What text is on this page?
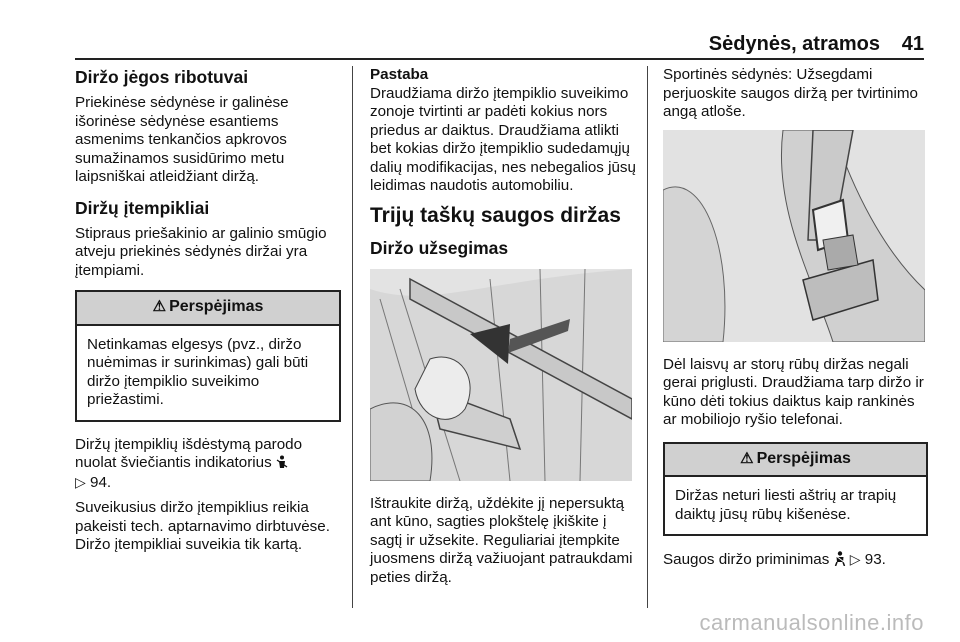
Sėdynės, atramos 41
Diržo jėgos ribotuvai

Priekinėse sėdynėse ir galinėse išorinėse sėdynėse esantiems asmenims tenkančios apkrovos sumažinamos susidūrimo metu laipsniškai atleidžiant diržą.

Diržų įtempikliai

Stipraus priešakinio ar galinio smūgio atveju priekinės sėdynės diržai yra įtempiami.

⚠ Perspėjimas
Netinkamas elgesys (pvz., diržo nuėmimas ir surinkimas) gali būti diržo įtempiklio suveikimo priežastimi.

Diržų įtempiklių išdėstymą parodo nuolat šviečiantis indikatorius
▷ 94.

Suveikusius diržo įtempiklius reikia pakeisti tech. aptarnavimo dirbtuvėse. Diržo įtempikliai suveikia tik kartą.

Pastaba

Draudžiama diržo įtempiklio suveikimo zonoje tvirtinti ar padėti kokius nors priedus ar daiktus. Draudžiama atlikti bet kokias diržo įtempiklio sudedamųjų dalių modifikacijas, nes nebegalios jūsų leidimas naudotis automobiliu.

Trijų taškų saugos diržas
Diržo užsegimas

Ištraukite diržą, uždėkite jį nepersuktą ant kūno, sagties plokštelę įkiškite į sagtį ir užsekite. Reguliariai įtempkite juosmens diržą važiuojant patraukdami peties diržą.

Sportinės sėdynės: Užsegdami perjuoskite saugos diržą per tvirtinimo angą atloše.

Dėl laisvų ar storų rūbų diržas negali gerai priglusti. Draudžiama tarp diržo ir kūno dėti tokius daiktus kaip rankinės ar mobiliojo ryšio telefonai.

⚠ Perspėjimas
Diržas neturi liesti aštrių ar trapių daiktų jūsų rūbų kišenėse.

Saugos diržo priminimas ▷ 93.

carmanualsonline.info
